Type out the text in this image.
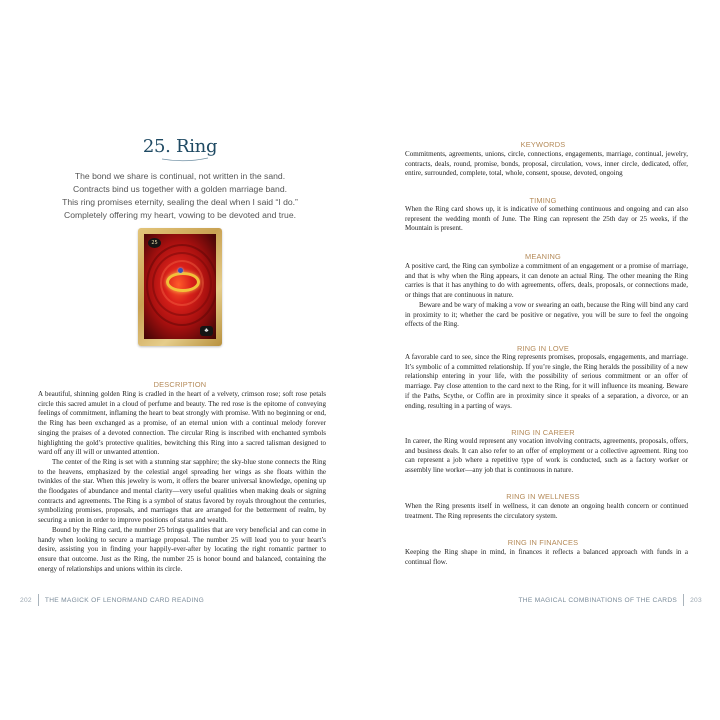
25. Ring
The bond we share is continual, not written in the sand.
Contracts bind us together with a golden marriage band.
This ring promises eternity, sealing the deal when I said “I do.”
Completely offering my heart, vowing to be devoted and true.
25
♣
DESCRIPTION

A beautiful, shinning golden Ring is cradled in the heart of a velvety, crimson rose; soft rose petals circle this sacred amulet in a cloud of perfume and beauty. The red rose is the epitome of conveying feelings of commitment, inflaming the heart to beat strongly with promise. With no beginning or end, the Ring has been exchanged as a promise, of an eternal union with a continual melody forever singing the praises of a devoted connection. The circular Ring is inscribed with enchanted symbols highlighting the gold’s protective qualities, bewitching this Ring into a sacred talisman designed to ward off any ill will or unwanted attention.

The center of the Ring is set with a stunning star sapphire; the sky-blue stone connects the Ring to the heavens, emphasized by the celestial angel spreading her wings as she floats within the twinkles of the star. When this jewelry is worn, it offers the bearer universal knowledge, opening up the floodgates of abundance and mental clarity—very useful qualities when making deals or signing contracts and agreements. The Ring is a symbol of status favored by royals throughout the centuries, symbolizing promises, proposals, and marriages that are arranged for the betterment of realm, by securing a union in order to improve positions of status and wealth.

Bound by the Ring card, the number 25 brings qualities that are very beneficial and can come in handy when looking to secure a marriage proposal. The number 25 will lead you to your heart’s desire, assisting you in finding your happily-ever-after by locating the right romantic partner to ensure that outcome. Just as the Ring, the number 25 is honor bound and balanced, containing the energy of relationships and unions within its circle.

202 THE MAGICK OF LENORMAND CARD READING
KEYWORDS

Commitments, agreements, unions, circle, connections, engagements, marriage, continual, jewelry, contracts, deals, round, promise, bonds, proposal, circulation, vows, inner circle, dedicated, offer, entire, surrounded, complete, total, whole, consent, spouse, devoted, ongoing

TIMING

When the Ring card shows up, it is indicative of something continuous and ongoing and can also represent the wedding month of June. The Ring can represent the 25th day or 25 weeks, if the Mountain is present.

MEANING

A positive card, the Ring can symbolize a commitment of an engagement or a promise of marriage, and that is why when the Ring appears, it can denote an actual Ring. The other meaning the Ring carries is that it has anything to do with agreements, offers, deals, proposals, or connections made, or things that are continuous in nature.

Beware and be wary of making a vow or swearing an oath, because the Ring will bind any card in proximity to it; whether the card be positive or negative, you will be sure to feel the ongoing effects of the Ring.

RING IN LOVE

A favorable card to see, since the Ring represents promises, proposals, engagements, and marriage. It’s symbolic of a committed relationship. If you’re single, the Ring heralds the possibility of a new relationship entering in your life, with the possibility of serious commitment or an offer of marriage. Pay close attention to the card next to the Ring, for it will influence its meaning. Beware if the Paths, Scythe, or Coffin are in proximity since it speaks of a separation, a divorce, or an ending, resulting in a parting of ways.

RING IN CAREER

In career, the Ring would represent any vocation involving contracts, agreements, proposals, offers, and business deals. It can also refer to an offer of employment or a collective agreement. Ring too can represent a job where a repetitive type of work is conducted, such as a factory worker or assembly line worker—any job that is continuous in nature.

RING IN WELLNESS

When the Ring presents itself in wellness, it can denote an ongoing health concern or continued treatment. The Ring represents the circulatory system.

RING IN FINANCES

Keeping the Ring shape in mind, in finances it reflects a balanced approach with funds in a continual flow.

THE MAGICAL COMBINATIONS OF THE CARDS 203
